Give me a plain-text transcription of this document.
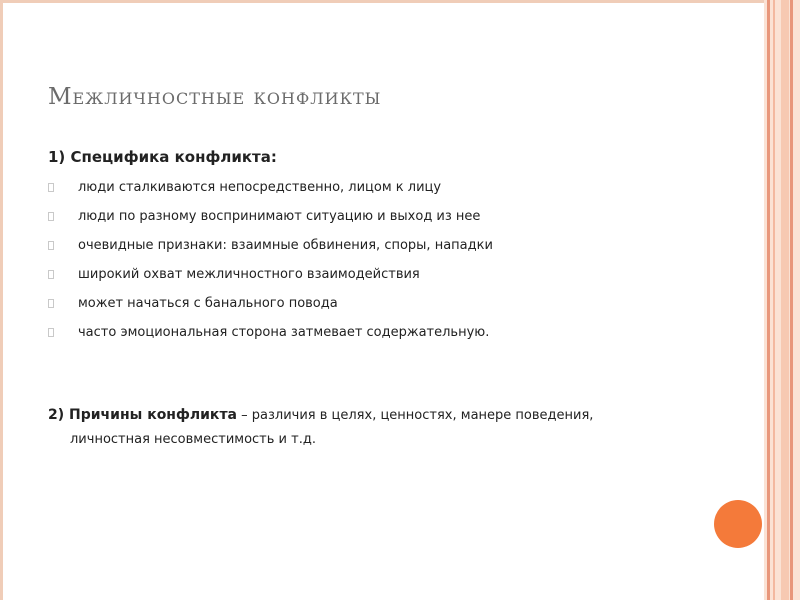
Межличностные конфликты
1) Специфика конфликта:
люди сталкиваются непосредственно, лицом к лицу
люди по разному воспринимают ситуацию и выход из нее
очевидные признаки: взаимные обвинения, споры, нападки
широкий охват межличностного взаимодействия
может начаться с банального повода
часто эмоциональная сторона затмевает содержательную.
2) Причины конфликта – различия в целях, ценностях, манере поведения,
личностная несовместимость и т.д.
